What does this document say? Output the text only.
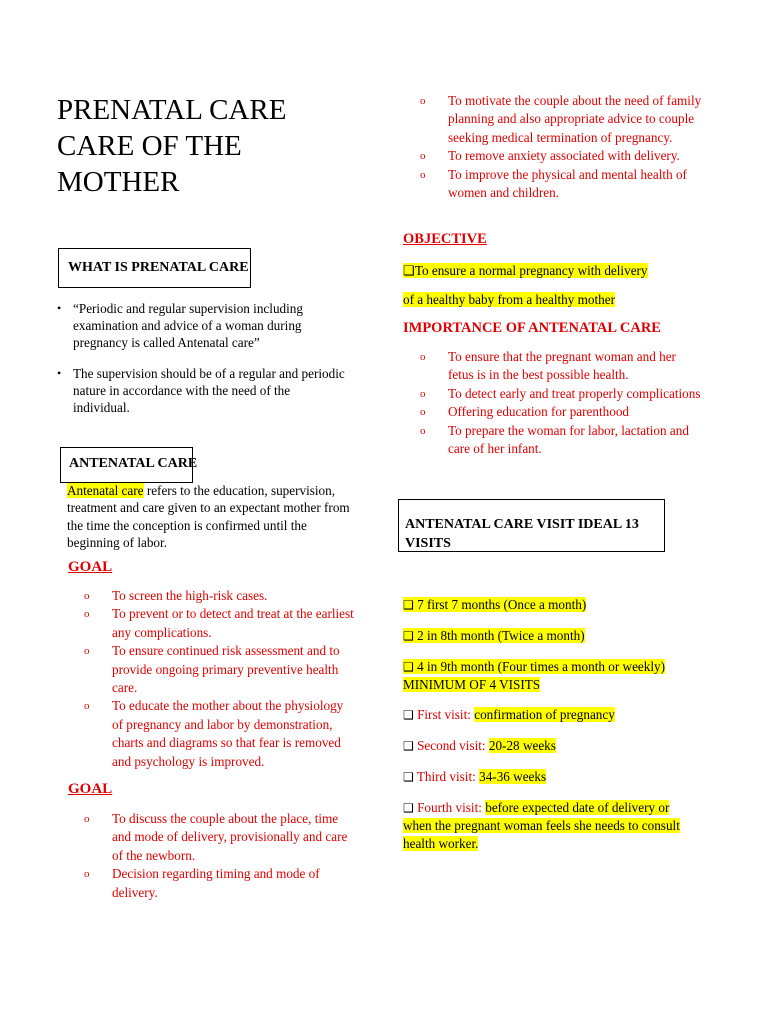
PRENATAL CARE
CARE OF THE
MOTHER
WHAT IS PRENATAL CARE
• “Periodic and regular supervision including examination and advice of a woman during pregnancy is called Antenatal care”
• The supervision should be of a regular and periodic nature in accordance with the need of the individual.
ANTENATAL CARE
Antenatal care refers to the education, supervision, treatment and care given to an expectant mother from the time the conception is confirmed until the beginning of labor.
GOAL
o To screen the high-risk cases.
o To prevent or to detect and treat at the earliest any complications.
o To ensure continued risk assessment and to provide ongoing primary preventive health care.
o To educate the mother about the physiology of pregnancy and labor by demonstration, charts and diagrams so that fear is removed and psychology is improved.
GOAL
o To discuss the couple about the place, time and mode of delivery, provisionally and care of the newborn.
o Decision regarding timing and mode of delivery.
o To motivate the couple about the need of family planning and also appropriate advice to couple seeking medical termination of pregnancy.
o To remove anxiety associated with delivery.
o To improve the physical and mental health of women and children.
OBJECTIVE
❑To ensure a normal pregnancy with delivery
of a healthy baby from a healthy mother
IMPORTANCE OF ANTENATAL CARE
o To ensure that the pregnant woman and her fetus is in the best possible health.
o To detect early and treat properly complications
o Offering education for parenthood
o To prepare the woman for labor, lactation and care of her infant.
ANTENATAL CARE VISIT IDEAL 13 VISITS
❑ 7 first 7 months (Once a month)
❑ 2 in 8th month (Twice a month)
❑ 4 in 9th month (Four times a month or weekly) MINIMUM OF 4 VISITS
❑ First visit: confirmation of pregnancy
❑ Second visit: 20-28 weeks
❑ Third visit: 34-36 weeks
❑ Fourth visit: before expected date of delivery or when the pregnant woman feels she needs to consult health worker.
